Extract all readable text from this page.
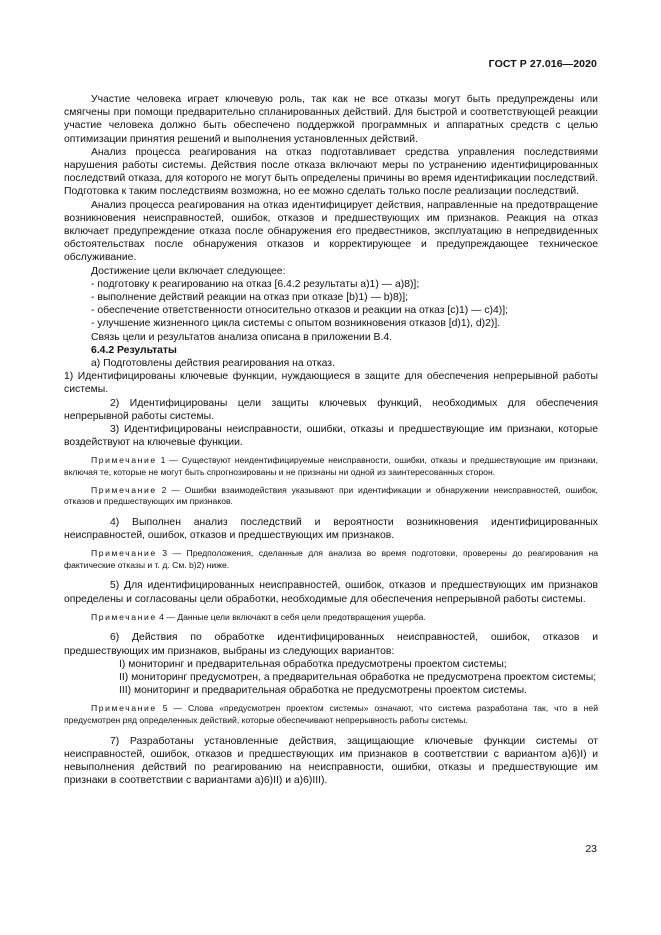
ГОСТ Р 27.016—2020

Участие человека играет ключевую роль, так как не все отказы могут быть предупреждены или смягчены при помощи предварительно спланированных действий. Для быстрой и соответствующей реакции участие человека должно быть обеспечено поддержкой программных и аппаратных средств с целью оптимизации принятия решений и выполнения установленных действий.

Анализ процесса реагирования на отказ подготавливает средства управления последствиями нарушения работы системы. Действия после отказа включают меры по устранению идентифицированных последствий отказа, для которого не могут быть определены причины во время идентификации последствий. Подготовка к таким последствиям возможна, но ее можно сделать только после реализации последствий.

Анализ процесса реагирования на отказ идентифицирует действия, направленные на предотвращение возникновения неисправностей, ошибок, отказов и предшествующих им признаков. Реакция на отказ включает предупреждение отказа после обнаружения его предвестников, эксплуатацию в непредвиденных обстоятельствах после обнаружения отказов и корректирующее и предупреждающее техническое обслуживание.

Достижение цели включает следующее:

- подготовку к реагированию на отказ [6.4.2 результаты а)1) — а)8)];

- выполнение действий реакции на отказ при отказе [b)1) — b)8)];

- обеспечение ответственности относительно отказов и реакции на отказ [с)1) — с)4)];

- улучшение жизненного цикла системы с опытом возникновения отказов [d)1), d)2)].

Связь цели и результатов анализа описана в приложении В.4.

6.4.2 Результаты

а) Подготовлены действия реагирования на отказ.

1) Идентифицированы ключевые функции, нуждающиеся в защите для обеспечения непрерывной работы системы.

2) Идентифицированы цели защиты ключевых функций, необходимых для обеспечения непрерывной работы системы.

3) Идентифицированы неисправности, ошибки, отказы и предшествующие им признаки, которые воздействуют на ключевые функции.

Примечание 1 — Существуют неидентифицируемые неисправности, ошибки, отказы и предшествующие им признаки, включая те, которые не могут быть спрогнозированы и не признаны ни одной из заинтересованных сторон.

Примечание 2 — Ошибки взаимодействия указывают при идентификации и обнаружении неисправностей, ошибок, отказов и предшествующих им признаков.

4) Выполнен анализ последствий и вероятности возникновения идентифицированных неисправностей, ошибок, отказов и предшествующих им признаков.

Примечание 3 — Предположения, сделанные для анализа во время подготовки, проверены до реагирования на фактические отказы и т. д. См. b)2) ниже.

5) Для идентифицированных неисправностей, ошибок, отказов и предшествующих им признаков определены и согласованы цели обработки, необходимые для обеспечения непрерывной работы системы.

Примечание 4 — Данные цели включают в себя цели предотвращения ущерба.

6) Действия по обработке идентифицированных неисправностей, ошибок, отказов и предшествующих им признаков, выбраны из следующих вариантов:

I) мониторинг и предварительная обработка предусмотрены проектом системы;

II) мониторинг предусмотрен, а предварительная обработка не предусмотрена проектом системы;

III) мониторинг и предварительная обработка не предусмотрены проектом системы.

Примечание 5 — Слова «предусмотрен проектом системы» означают, что система разработана так, что в ней предусмотрен ряд определенных действий, которые обеспечивают непрерывность работы системы.

7) Разработаны установленные действия, защищающие ключевые функции системы от неисправностей, ошибок, отказов и предшествующих им признаков в соответствии с вариантом а)6)I) и невыполнения действий по реагированию на неисправности, ошибки, отказы и предшествующие им признаки в соответствии с вариантами а)6)II) и а)6)III).

23
